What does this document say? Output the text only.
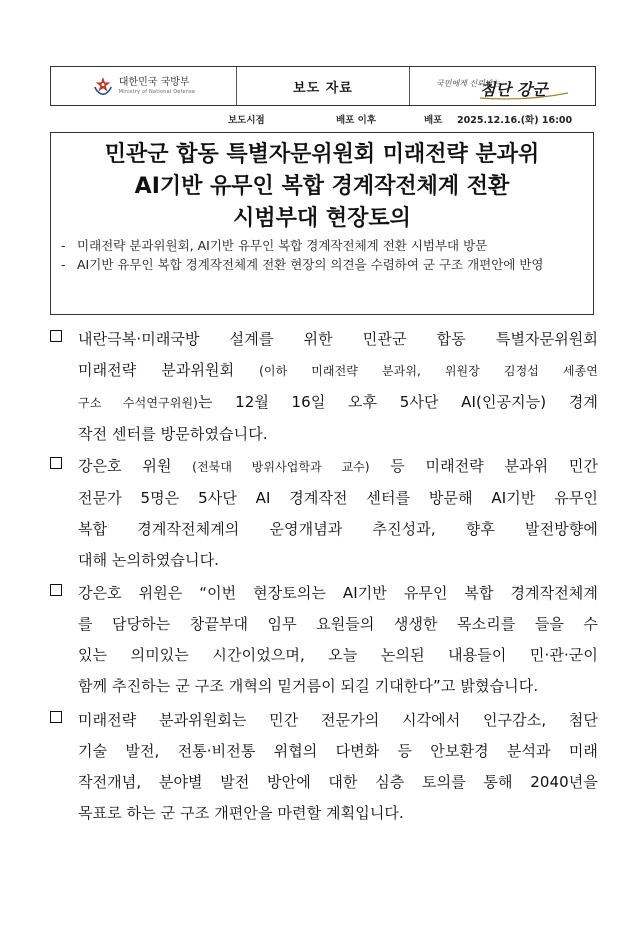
대한민국 국방부
Ministry of National Defense	보도 자료	국민에게 신뢰받는
첨단 강군
보도시점	배포 이후	배포 2025.12.16.(화) 16:00
민관군 합동 특별자문위원회 미래전략 분과위
AI기반 유무인 복합 경계작전체계 전환
시범부대 현장토의
- 미래전략 분과위원회, AI기반 유무인 복합 경계작전체계 전환 시범부대 방문
- AI기반 유무인 복합 경계작전체계 전환 현장의 의견을 수렴하여 군 구조 개편안에 반영
내란극복·미래국방 설계를 위한 민관군 합동 특별자문위원회
미래전략 분과위원회 (이하 미래전략 분과위, 위원장 김정섭 세종연
구소 수석연구위원)는 12월 16일 오후 5사단 AI(인공지능) 경계
작전 센터를 방문하였습니다.
강은호 위원 (전북대 방위사업학과 교수) 등 미래전략 분과위 민간
전문가 5명은 5사단 AI 경계작전 센터를 방문해 AI기반 유무인
복합 경계작전체계의 운영개념과 추진성과, 향후 발전방향에
대해 논의하였습니다.
강은호 위원은 “이번 현장토의는 AI기반 유무인 복합 경계작전체계
를 담당하는 창끝부대 임무 요원들의 생생한 목소리를 들을 수
있는 의미있는 시간이었으며, 오늘 논의된 내용들이 민·관·군이
함께 추진하는 군 구조 개혁의 밑거름이 되길 기대한다”고 밝혔습니다.
미래전략 분과위원회는 민간 전문가의 시각에서 인구감소, 첨단
기술 발전, 전통·비전통 위협의 다변화 등 안보환경 분석과 미래
작전개념, 분야별 발전 방안에 대한 심층 토의를 통해 2040년을
목표로 하는 군 구조 개편안을 마련할 계획입니다.
